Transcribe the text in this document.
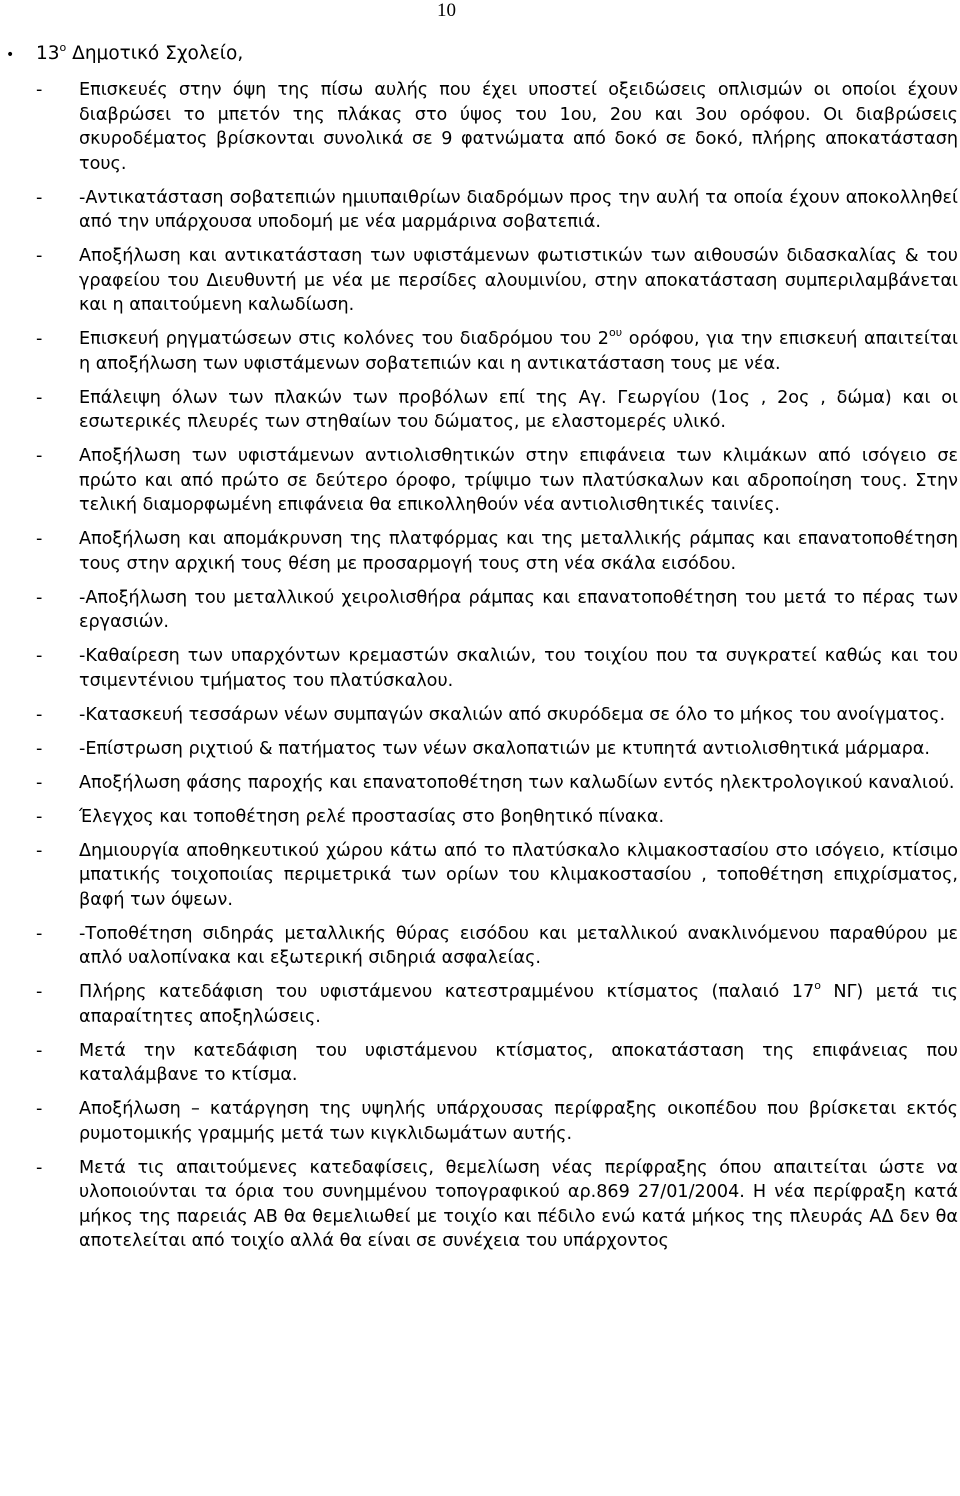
10
• $13^o$ Δημοτικό Σχολείο,
- Επισκευές στην όψη της πίσω αυλής που έχει υποστεί οξειδώσεις οπλισμών οι οποίοι έχουν διαβρώσει το μπετόν της πλάκας στο ύψος του 1ου, 2ου και 3ου ορόφου. Οι διαβρώσεις σκυροδέματος βρίσκονται συνολικά σε 9 φατνώματα από δοκό σε δοκό, πλήρης αποκατάσταση τους.
- -Αντικατάσταση σοβατεπιών ημιυπαιθρίων διαδρόμων προς την αυλή τα οποία έχουν αποκολληθεί από την υπάρχουσα υποδομή με νέα μαρμάρινα σοβατεπιά.
- Αποξήλωση και αντικατάσταση των υφιστάμενων φωτιστικών των αιθουσών διδασκαλίας & του γραφείου του Διευθυντή με νέα με περσίδες αλουμινίου, στην αποκατάσταση συμπεριλαμβάνεται και η απαιτούμενη καλωδίωση.
- Επισκευή ρηγματώσεων στις κολόνες του διαδρόμου του $2^{o\upsilon}$ ορόφου, για την επισκευή απαιτείται η αποξήλωση των υφιστάμενων σοβατεπιών και η αντικατάσταση τους με νέα.
- Επάλειψη όλων των πλακών των προβόλων επί της Αγ. Γεωργίου (1ος , 2ος , δώμα) και οι εσωτερικές πλευρές των στηθαίων του δώματος, με ελαστομερές υλικό.
- Αποξήλωση των υφιστάμενων αντιολισθητικών στην επιφάνεια των κλιμάκων από ισόγειο σε πρώτο και από πρώτο σε δεύτερο όροφο, τρίψιμο των πλατύσκαλων και αδροποίηση τους. Στην τελική διαμορφωμένη επιφάνεια θα επικολληθούν νέα αντιολισθητικές ταινίες.
- Αποξήλωση και απομάκρυνση της πλατφόρμας και της μεταλλικής ράμπας και επανατοποθέτηση τους στην αρχική τους θέση με προσαρμογή τους στη νέα σκάλα εισόδου.
- -Αποξήλωση του μεταλλικού χειρολισθήρα ράμπας και επανατοποθέτηση του μετά το πέρας των εργασιών.
- -Καθαίρεση των υπαρχόντων κρεμαστών σκαλιών, του τοιχίου που τα συγκρατεί καθώς και του τσιμεντένιου τμήματος του πλατύσκαλου.
- -Κατασκευή τεσσάρων νέων συμπαγών σκαλιών από σκυρόδεμα σε όλο το μήκος του ανοίγματος.
- -Επίστρωση ριχτιού & πατήματος των νέων σκαλοπατιών με κτυπητά αντιολισθητικά μάρμαρα.
- Αποξήλωση φάσης παροχής και επανατοποθέτηση των καλωδίων εντός ηλεκτρολογικού καναλιού.
- Έλεγχος και τοποθέτηση ρελέ προστασίας στο βοηθητικό πίνακα.
- Δημιουργία αποθηκευτικού χώρου κάτω από το πλατύσκαλο κλιμακοστασίου στο ισόγειο, κτίσιμο μπατικής τοιχοποιίας περιμετρικά των ορίων του κλιμακοστασίου , τοποθέτηση επιχρίσματος, βαφή των όψεων.
- -Τοποθέτηση σιδηράς μεταλλικής θύρας εισόδου και μεταλλικού ανακλινόμενου παραθύρου με απλό υαλοπίνακα και εξωτερική σιδηριά ασφαλείας.
- Πλήρης κατεδάφιση του υφιστάμενου κατεστραμμένου κτίσματος (παλαιό $17^o$ ΝΓ) μετά τις απαραίτητες αποξηλώσεις.
- Μετά την κατεδάφιση του υφιστάμενου κτίσματος, αποκατάσταση της επιφάνειας που καταλάμβανε το κτίσμα.
- Αποξήλωση – κατάργηση της υψηλής υπάρχουσας περίφραξης οικοπέδου που βρίσκεται εκτός ρυμοτομικής γραμμής μετά των κιγκλιδωμάτων αυτής.
- Μετά τις απαιτούμενες κατεδαφίσεις, θεμελίωση νέας περίφραξης όπου απαιτείται ώστε να υλοποιούνται τα όρια του συνημμένου τοπογραφικού αρ.869 27/01/2004. Η νέα περίφραξη κατά μήκος της παρειάς ΑΒ θα θεμελιωθεί με τοιχίο και πέδιλο ενώ κατά μήκος της πλευράς ΑΔ δεν θα αποτελείται από τοιχίο αλλά θα είναι σε συνέχεια του υπάρχοντος
